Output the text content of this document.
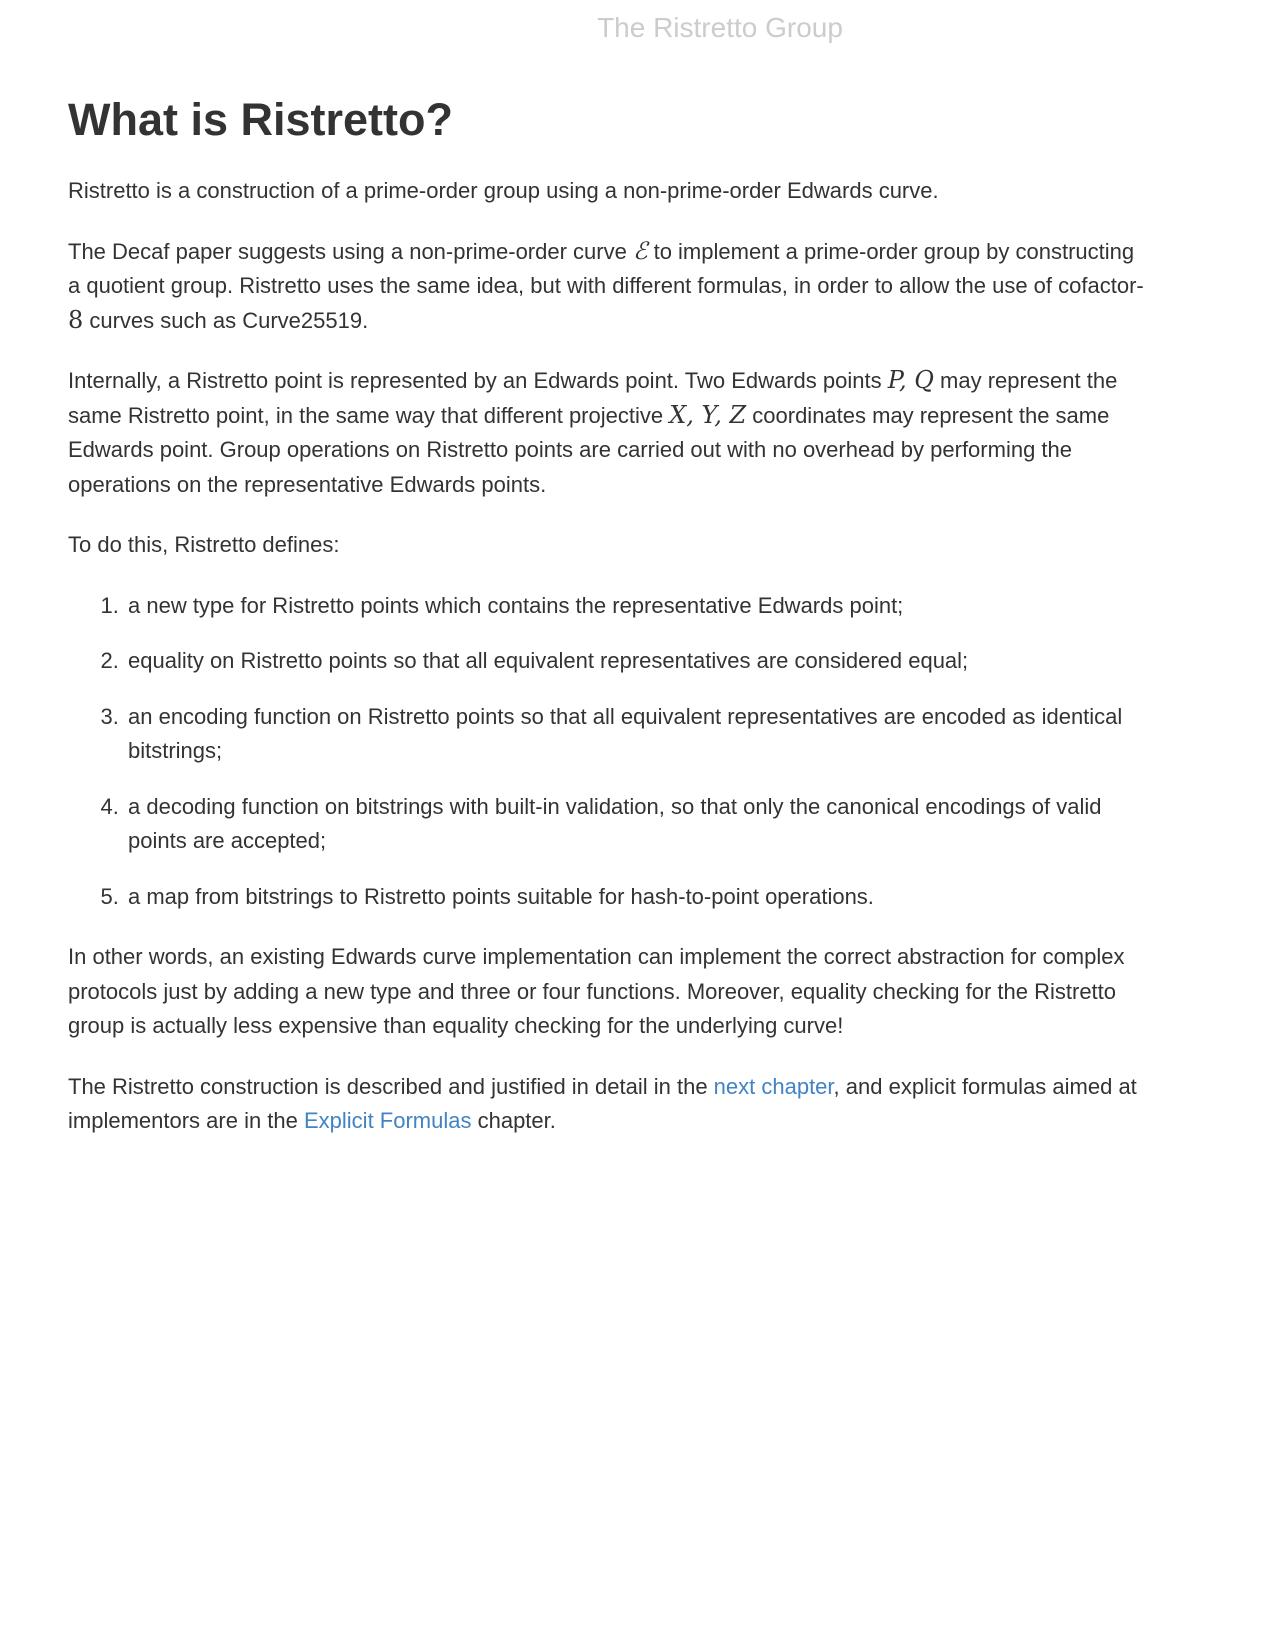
The Ristretto Group
What is Ristretto?

Ristretto is a construction of a prime-order group using a non-prime-order Edwards curve.

The Decaf paper suggests using a non-prime-order curve ℰ to implement a prime-order group by constructing a quotient group. Ristretto uses the same idea, but with different formulas, in order to allow the use of cofactor-8 curves such as Curve25519.

Internally, a Ristretto point is represented by an Edwards point. Two Edwards points P, Q may represent the same Ristretto point, in the same way that different projective X, Y, Z coordinates may represent the same Edwards point. Group operations on Ristretto points are carried out with no overhead by performing the operations on the representative Edwards points.

To do this, Ristretto defines:

1. a new type for Ristretto points which contains the representative Edwards point;
2. equality on Ristretto points so that all equivalent representatives are considered equal;
3. an encoding function on Ristretto points so that all equivalent representatives are encoded as identical bitstrings;
4. a decoding function on bitstrings with built-in validation, so that only the canonical encodings of valid points are accepted;
5. a map from bitstrings to Ristretto points suitable for hash-to-point operations.

In other words, an existing Edwards curve implementation can implement the correct abstraction for complex protocols just by adding a new type and three or four functions. Moreover, equality checking for the Ristretto group is actually less expensive than equality checking for the underlying curve!

The Ristretto construction is described and justified in detail in the next chapter, and explicit formulas aimed at implementors are in the Explicit Formulas chapter.
